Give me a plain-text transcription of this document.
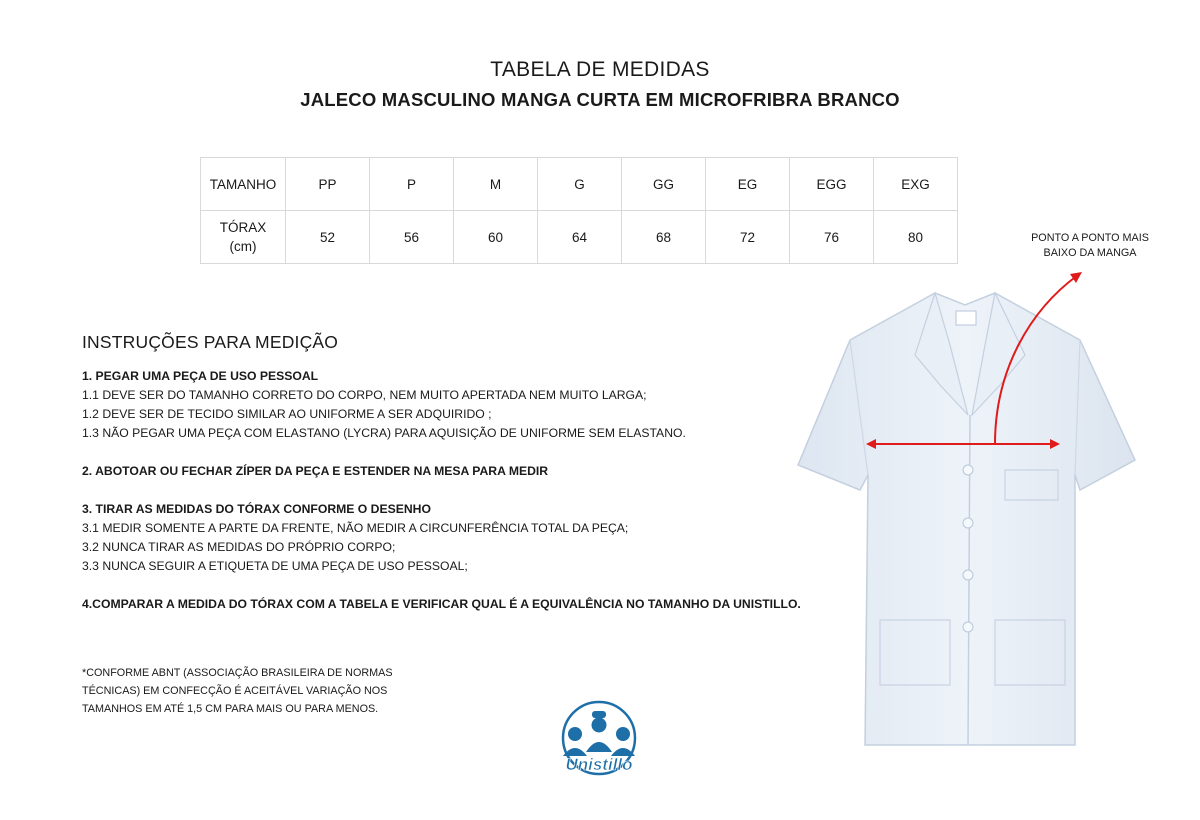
TABELA DE MEDIDAS
JALECO MASCULINO MANGA CURTA EM MICROFRIBRA BRANCO
TAMANHO	PP	P	M	G	GG	EG	EGG	EXG
TÓRAX
(cm)	52	56	60	64	68	72	76	80
INSTRUÇÕES PARA MEDIÇÃO
1. PEGAR UMA PEÇA DE USO PESSOAL
1.1 DEVE SER DO TAMANHO CORRETO DO CORPO, NEM MUITO APERTADA NEM MUITO LARGA;
1.2 DEVE SER DE TECIDO SIMILAR AO UNIFORME A SER ADQUIRIDO ;
1.3 NÃO PEGAR UMA PEÇA COM ELASTANO (LYCRA) PARA AQUISIÇÃO DE UNIFORME SEM ELASTANO.
2. ABOTOAR OU FECHAR ZÍPER DA PEÇA E ESTENDER NA MESA PARA MEDIR
3. TIRAR AS MEDIDAS DO TÓRAX CONFORME O DESENHO
3.1 MEDIR SOMENTE A PARTE DA FRENTE, NÃO MEDIR A CIRCUNFERÊNCIA TOTAL DA PEÇA;
3.2 NUNCA TIRAR AS MEDIDAS DO PRÓPRIO CORPO;
3.3 NUNCA SEGUIR A ETIQUETA DE UMA PEÇA DE USO PESSOAL;
4.COMPARAR A MEDIDA DO TÓRAX COM A TABELA E VERIFICAR QUAL É A EQUIVALÊNCIA NO TAMANHO DA UNISTILLO.
*CONFORME ABNT (ASSOCIAÇÃO BRASILEIRA DE NORMAS
TÉCNICAS) EM CONFECÇÃO É ACEITÁVEL VARIAÇÃO NOS
TAMANHOS EM ATÉ 1,5 CM PARA MAIS OU PARA MENOS.
PONTO A PONTO MAIS
BAIXO DA MANGA
Unistillo
